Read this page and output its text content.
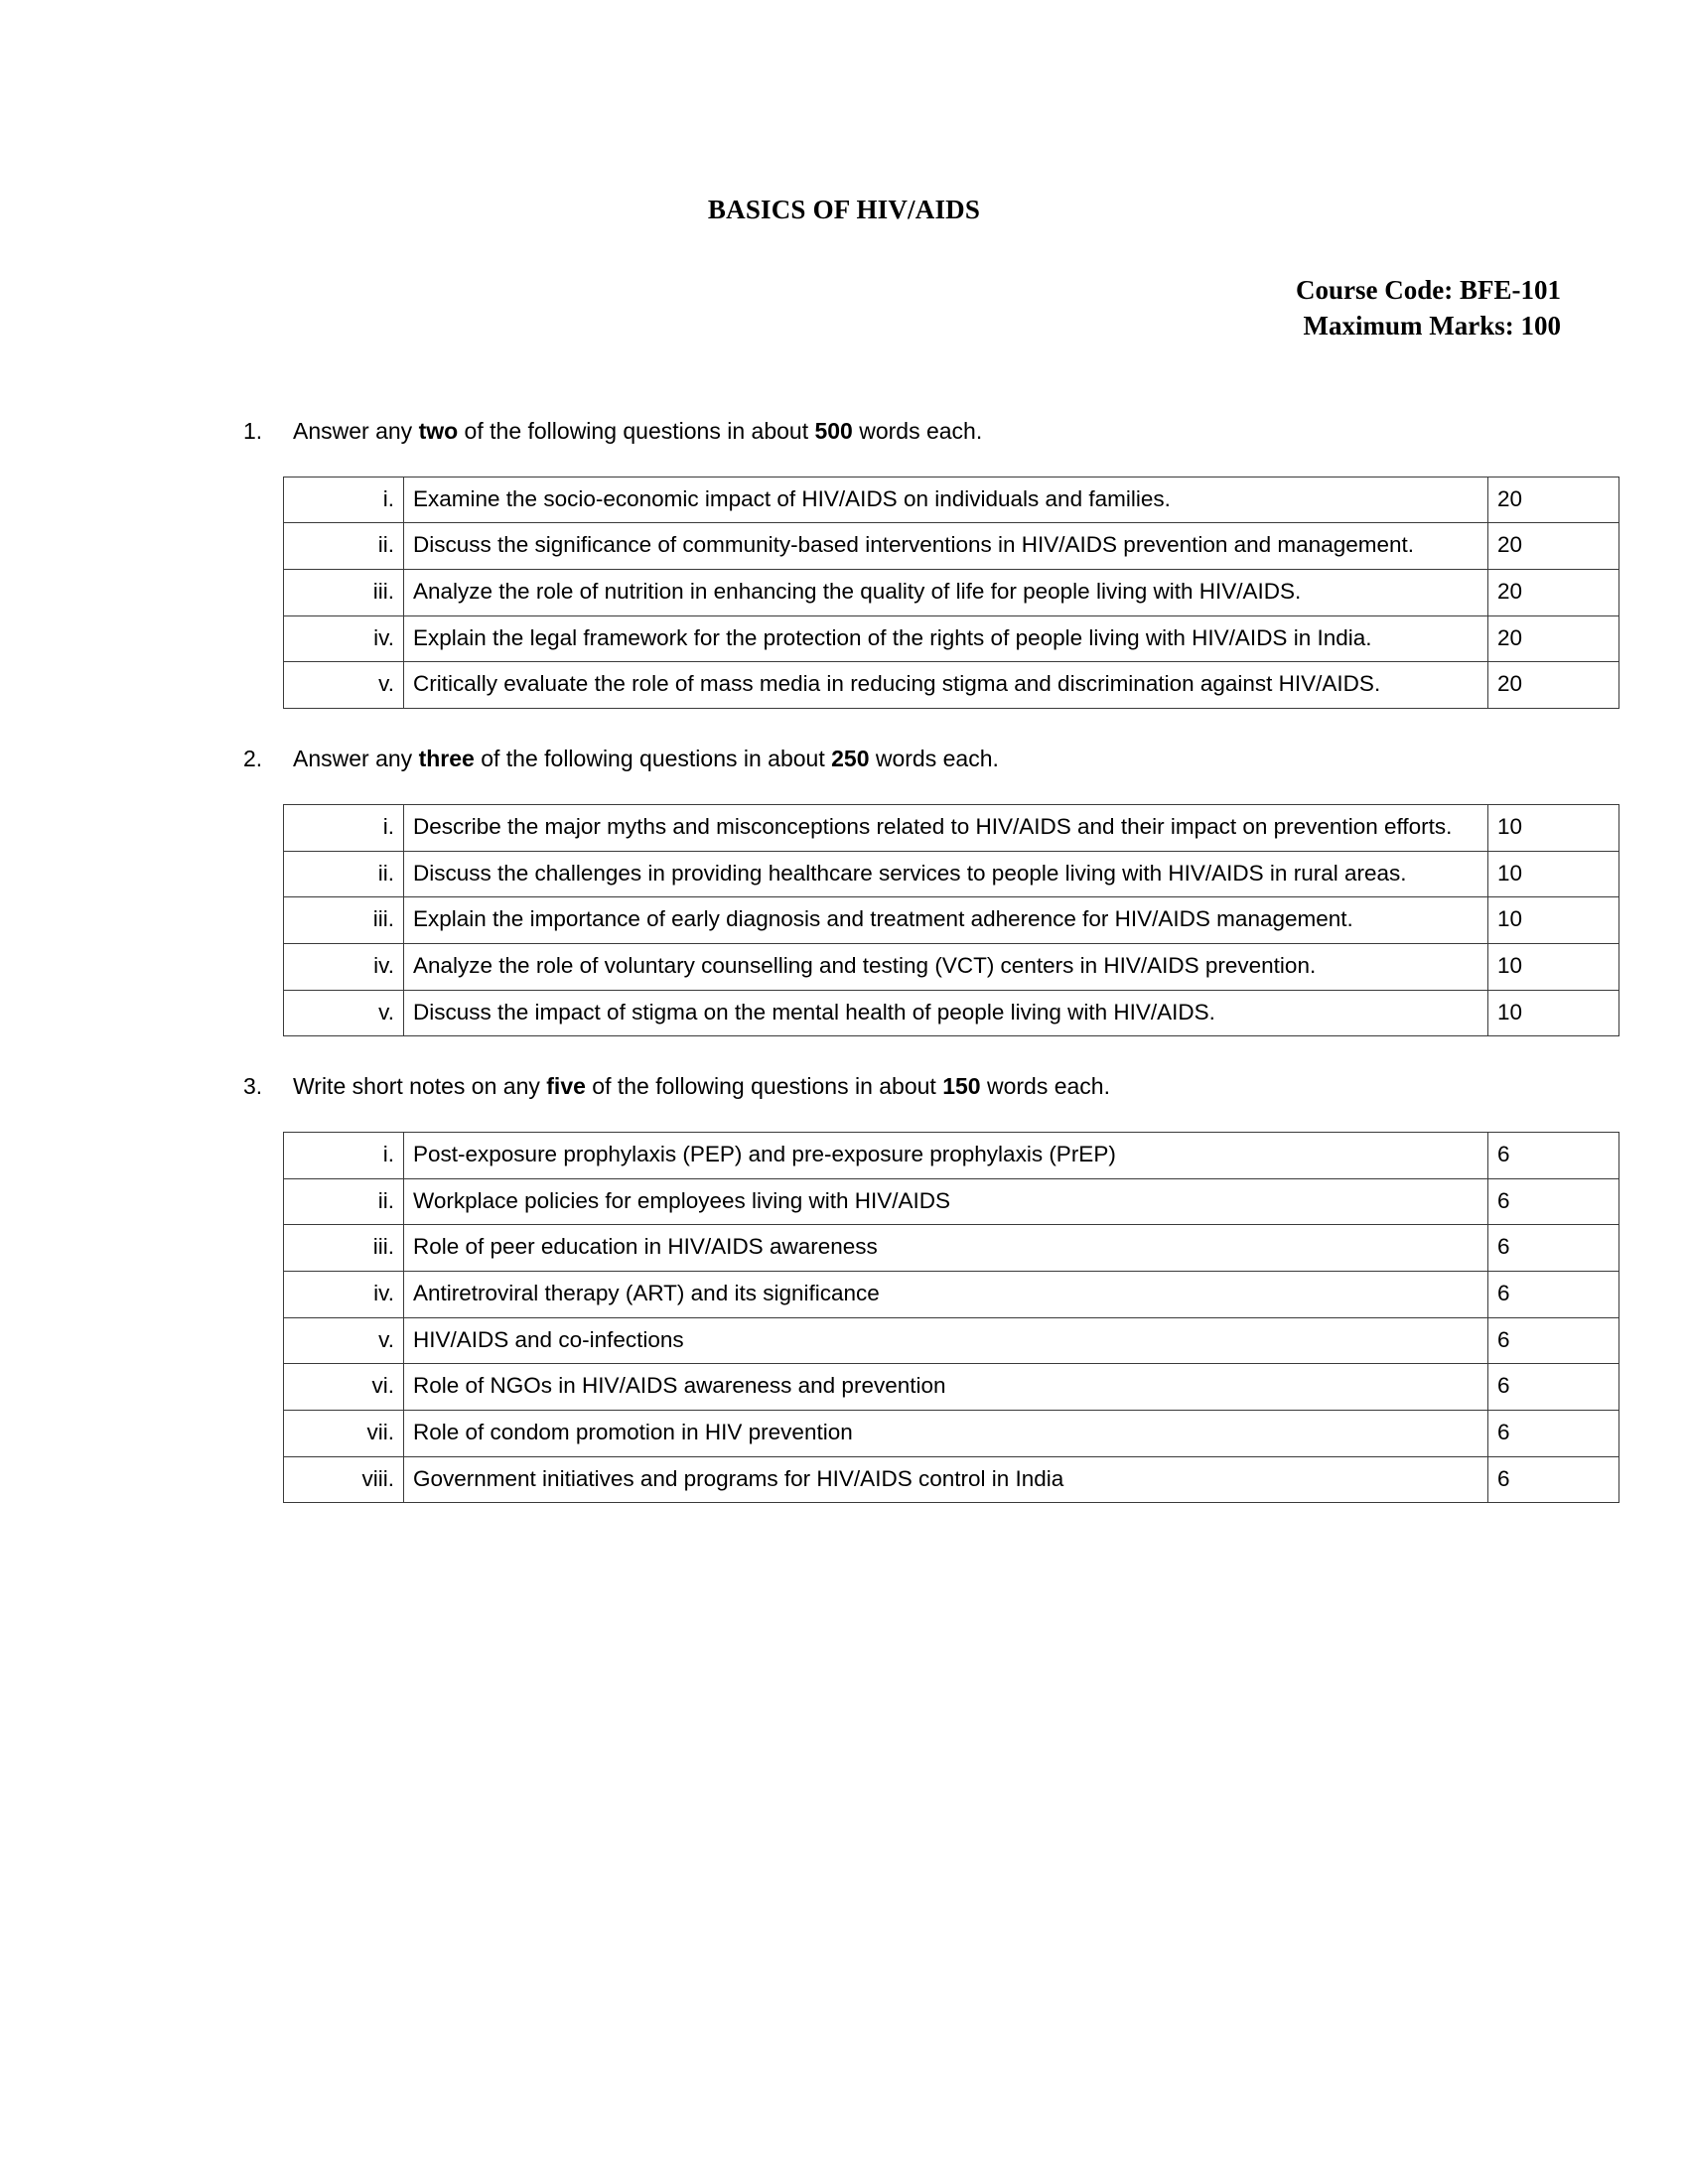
BASICS OF HIV/AIDS
Course Code: BFE-101
Maximum Marks: 100
1. Answer any two of the following questions in about 500 words each.
i.	Examine the socio-economic impact of HIV/AIDS on individuals and families.	20
ii.	Discuss the significance of community-based interventions in HIV/AIDS prevention and management.	20
iii.	Analyze the role of nutrition in enhancing the quality of life for people living with HIV/AIDS.	20
iv.	Explain the legal framework for the protection of the rights of people living with HIV/AIDS in India.	20
v.	Critically evaluate the role of mass media in reducing stigma and discrimination against HIV/AIDS.	20
2. Answer any three of the following questions in about 250 words each.
i.	Describe the major myths and misconceptions related to HIV/AIDS and their impact on prevention efforts.	10
ii.	Discuss the challenges in providing healthcare services to people living with HIV/AIDS in rural areas.	10
iii.	Explain the importance of early diagnosis and treatment adherence for HIV/AIDS management.	10
iv.	Analyze the role of voluntary counselling and testing (VCT) centers in HIV/AIDS prevention.	10
v.	Discuss the impact of stigma on the mental health of people living with HIV/AIDS.	10
3. Write short notes on any five of the following questions in about 150 words each.
i.	Post-exposure prophylaxis (PEP) and pre-exposure prophylaxis (PrEP)	6
ii.	Workplace policies for employees living with HIV/AIDS	6
iii.	Role of peer education in HIV/AIDS awareness	6
iv.	Antiretroviral therapy (ART) and its significance	6
v.	HIV/AIDS and co-infections	6
vi.	Role of NGOs in HIV/AIDS awareness and prevention	6
vii.	Role of condom promotion in HIV prevention	6
viii.	Government initiatives and programs for HIV/AIDS control in India	6
